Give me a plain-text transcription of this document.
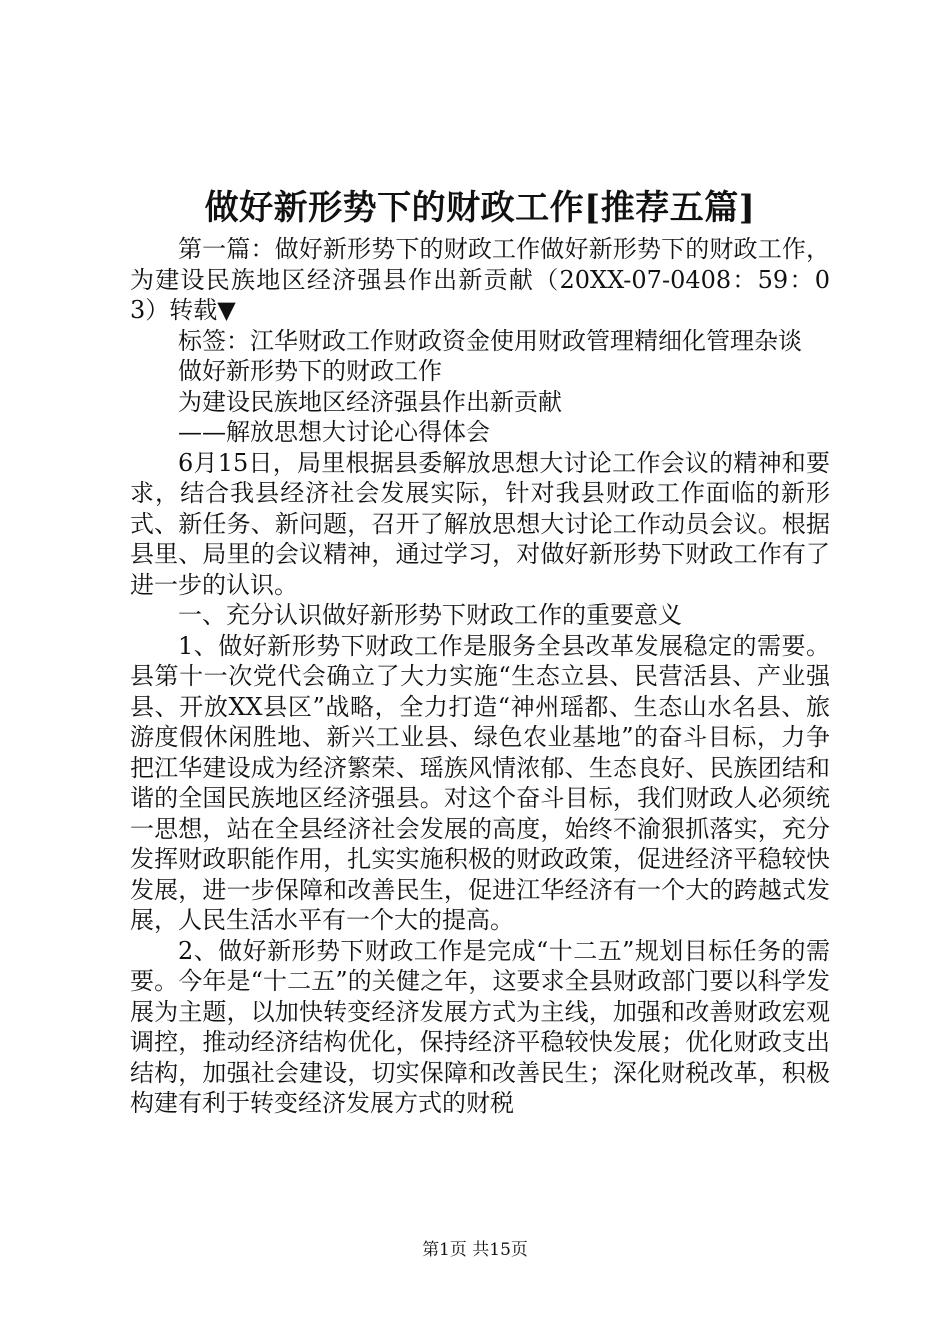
做好新形势下的财政工作[推荐五篇]

第一篇：做好新形势下的财政工作做好新形势下的财政工作，为建设民族地区经济强县作出新贡献（20XX-07-0408：59：03）转载▼

标签：江华财政工作财政资金使用财政管理精细化管理杂谈

做好新形势下的财政工作

为建设民族地区经济强县作出新贡献

——解放思想大讨论心得体会

6月15日，局里根据县委解放思想大讨论工作会议的精神和要求，结合我县经济社会发展实际，针对我县财政工作面临的新形式、新任务、新问题，召开了解放思想大讨论工作动员会议。根据县里、局里的会议精神，通过学习，对做好新形势下财政工作有了进一步的认识。

一、充分认识做好新形势下财政工作的重要意义

1、做好新形势下财政工作是服务全县改革发展稳定的需要。县第十一次党代会确立了大力实施“生态立县、民营活县、产业强县、开放XX县区”战略，全力打造“神州瑶都、生态山水名县、旅游度假休闲胜地、新兴工业县、绿色农业基地”的奋斗目标，力争把江华建设成为经济繁荣、瑶族风情浓郁、生态良好、民族团结和谐的全国民族地区经济强县。对这个奋斗目标，我们财政人必须统一思想，站在全县经济社会发展的高度，始终不渝狠抓落实，充分发挥财政职能作用，扎实实施积极的财政政策，促进经济平稳较快发展，进一步保障和改善民生，促进江华经济有一个大的跨越式发展，人民生活水平有一个大的提高。

2、做好新形势下财政工作是完成“十二五”规划目标任务的需要。今年是“十二五”的关健之年，这要求全县财政部门要以科学发展为主题，以加快转变经济发展方式为主线，加强和改善财政宏观调控，推动经济结构优化，保持经济平稳较快发展；优化财政支出结构，加强社会建设，切实保障和改善民生；深化财税改革，积极构建有利于转变经济发展方式的财税

第1页 共15页
